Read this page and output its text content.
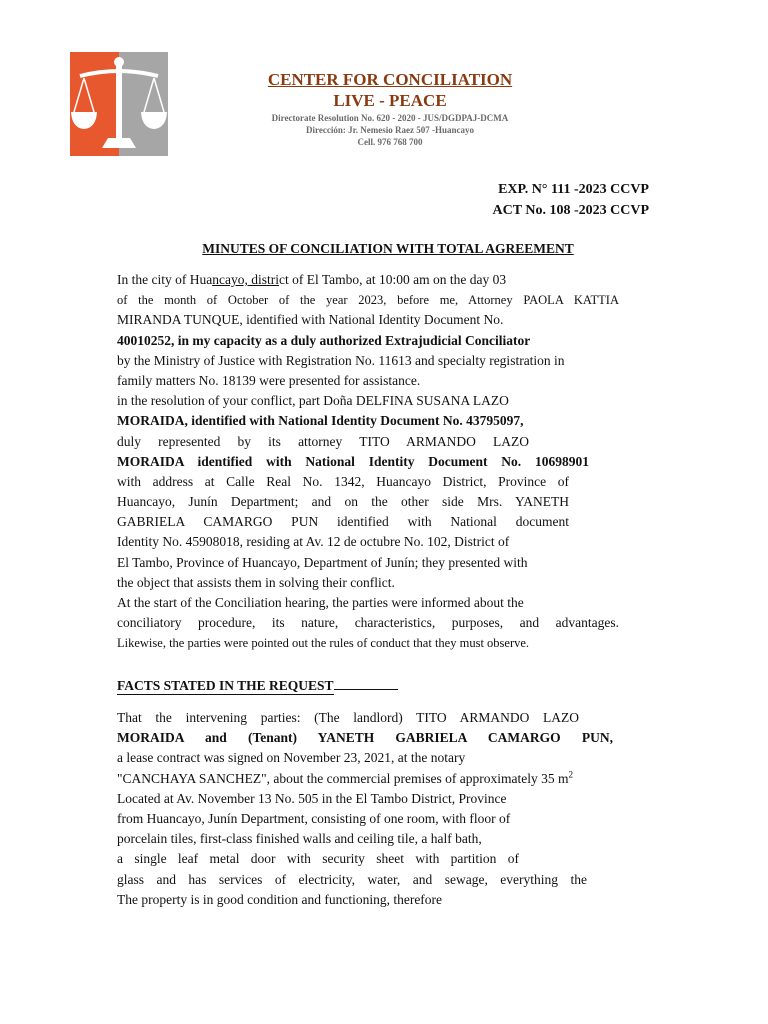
CENTER FOR CONCILIATION
LIVE - PEACE
Directorate Resolution No. 620 - 2020 - JUS/DGDPAJ-DCMA
Dirección: Jr. Nemesio Raez 507 -Huancayo
Cell. 976 768 700
EXP. N° 111 -2023 CCVP
ACT No. 108 -2023 CCVP
MINUTES OF CONCILIATION WITH TOTAL AGREEMENT
In the city of Huancayo, district of El Tambo, at 10:00 am on the day 03
of the month of October of the year 2023, before me, Attorney PAOLA KATTIA
MIRANDA TUNQUE, identified with National Identity Document No.
40010252, in my capacity as a duly authorized Extrajudicial Conciliator
by the Ministry of Justice with Registration No. 11613 and specialty registration in
family matters No. 18139 were presented for assistance.
in the resolution of your conflict, part Doña DELFINA SUSANA LAZO
MORAIDA, identified with National Identity Document No. 43795097,
duly represented by its attorney TITO ARMANDO LAZO
MORAIDA identified with National Identity Document No. 10698901
with address at Calle Real No. 1342, Huancayo District, Province of
Huancayo, Junín Department; and on the other side Mrs. YANETH
GABRIELA CAMARGO PUN identified with National document
Identity No. 45908018, residing at Av. 12 de octubre No. 102, District of
El Tambo, Province of Huancayo, Department of Junín; they presented with
the object that assists them in solving their conflict.
At the start of the Conciliation hearing, the parties were informed about the
conciliatory procedure, its nature, characteristics, purposes, and advantages.
Likewise, the parties were pointed out the rules of conduct that they must observe.
FACTS STATED IN THE REQUEST
That the intervening parties: (The landlord) TITO ARMANDO LAZO
MORAIDA and (Tenant) YANETH GABRIELA CAMARGO PUN,
a lease contract was signed on November 23, 2021, at the notary
"CANCHAYA SANCHEZ", about the commercial premises of approximately 35 $m^2$
Located at Av. November 13 No. 505 in the El Tambo District, Province
from Huancayo, Junín Department, consisting of one room, with floor of
porcelain tiles, first-class finished walls and ceiling tile, a half bath,
a single leaf metal door with security sheet with partition of
glass and has services of electricity, water, and sewage, everything the
The property is in good condition and functioning, therefore
